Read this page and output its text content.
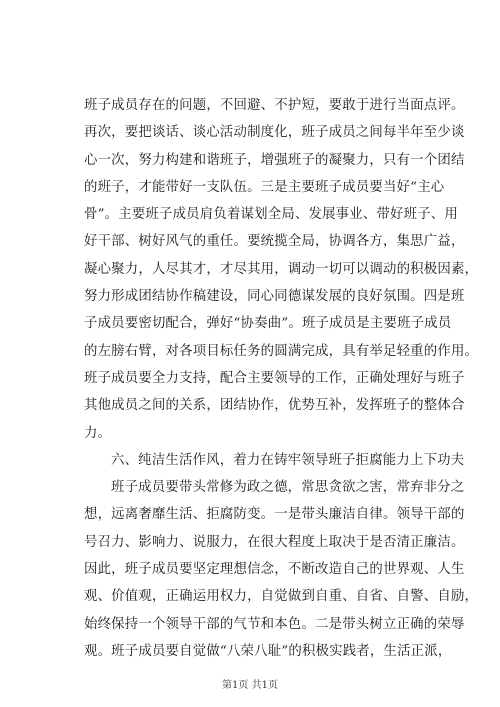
班子成员存在的问题，不回避、不护短，要敢于进行当面点评。
再次，要把谈话、谈心活动制度化，班子成员之间每半年至少谈
心一次，努力构建和谐班子，增强班子的凝聚力，只有一个团结
的班子，才能带好一支队伍。三是主要班子成员要当好“主心
骨”。主要班子成员肩负着谋划全局、发展事业、带好班子、用
好干部、树好风气的重任。要统揽全局，协调各方，集思广益，
凝心聚力，人尽其才，才尽其用，调动一切可以调动的积极因素，
努力形成团结协作稿建设，同心同德谋发展的良好氛围。四是班
子成员要密切配合，弹好“协奏曲”。班子成员是主要班子成员
的左膀右臂，对各项目标任务的圆满完成，具有举足轻重的作用。
班子成员要全力支持，配合主要领导的工作，正确处理好与班子
其他成员之间的关系，团结协作，优势互补，发挥班子的整体合
力。
六、纯洁生活作风，着力在铸牢领导班子拒腐能力上下功夫
班子成员要带头常修为政之德，常思贪欲之害，常弃非分之
想，远离奢靡生活、拒腐防变。一是带头廉洁自律。领导干部的
号召力、影响力、说服力，在很大程度上取决于是否清正廉洁。
因此，班子成员要坚定理想信念，不断改造自己的世界观、人生
观、价值观，正确运用权力，自觉做到自重、自省、自警、自励，
始终保持一个领导干部的气节和本色。二是带头树立正确的荣辱
观。班子成员要自觉做“八荣八耻”的积极实践者，生活正派，
第1页 共1页
